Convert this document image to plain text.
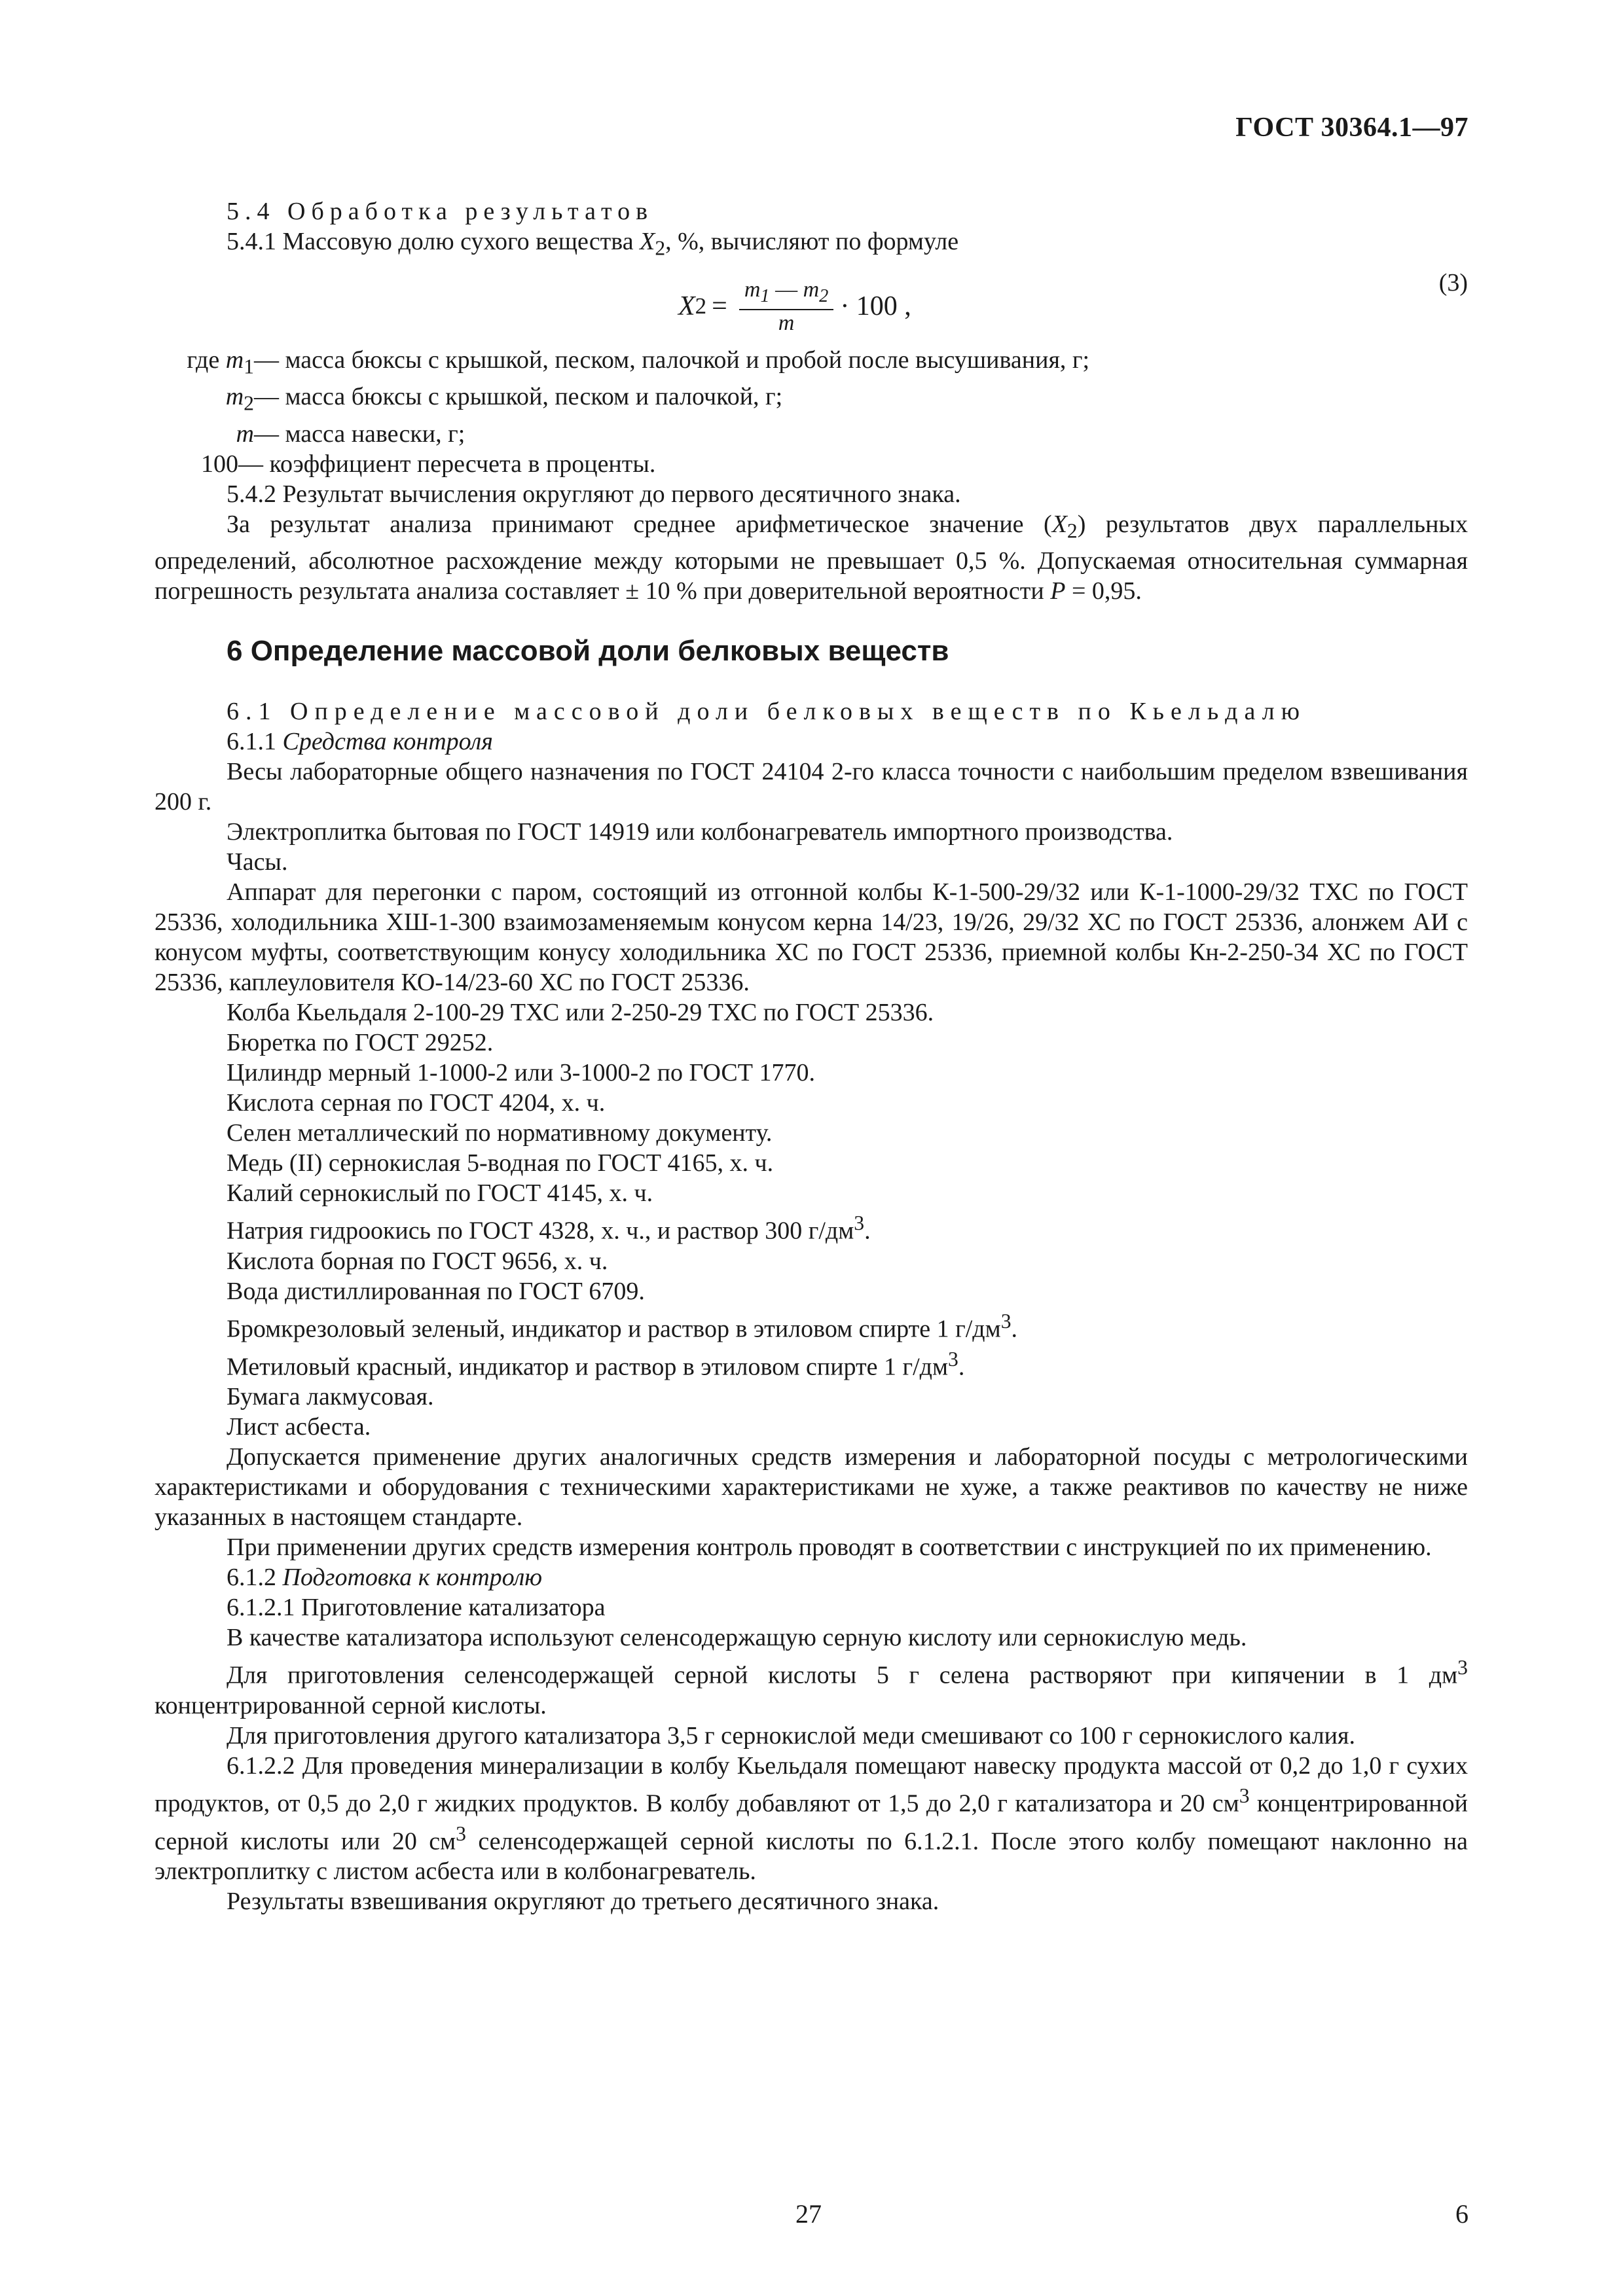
ГОСТ 30364.1—97

5.4 Обработка результатов

5.4.1 Массовую долю сухого вещества $X_2$, %, вычисляют по формуле

X $2 = \frac{m_1 — m_2}{m} \cdot 100$ ,
(3)
где $m_1$ — масса бюксы с крышкой, песком, палочкой и пробой после высушивания, г;
$m_2$ — масса бюксы с крышкой, песком и палочкой, г;
m — масса навески, г;
100 — коэффициент пересчета в проценты.

5.4.2 Результат вычисления округляют до первого десятичного знака.

За результат анализа принимают среднее арифметическое значение $(X_2)$ результатов двух параллельных определений, абсолютное расхождение между которыми не превышает 0,5 %. Допускаемая относительная суммарная погрешность результата анализа составляет ± 10 % при доверительной вероятности P = 0,95.

6 Определение массовой доли белковых веществ

6.1 Определение массовой доли белковых веществ по Кьельдалю

6.1.1 Средства контроля

Весы лабораторные общего назначения по ГОСТ 24104 2-го класса точности с наибольшим пределом взвешивания 200 г.

Электроплитка бытовая по ГОСТ 14919 или колбонагреватель импортного производства.

Часы.

Аппарат для перегонки с паром, состоящий из отгонной колбы К-1-500-29/32 или К-1-1000-29/32 ТХС по ГОСТ 25336, холодильника ХШ-1-300 взаимозаменяемым конусом керна 14/23, 19/26, 29/32 ХС по ГОСТ 25336, алонжем АИ с конусом муфты, соответствующим конусу холодильника ХС по ГОСТ 25336, приемной колбы Кн-2-250-34 ХС по ГОСТ 25336, каплеуловителя КО-14/23-60 ХС по ГОСТ 25336.

Колба Кьельдаля 2-100-29 ТХС или 2-250-29 ТХС по ГОСТ 25336.

Бюретка по ГОСТ 29252.

Цилиндр мерный 1-1000-2 или 3-1000-2 по ГОСТ 1770.

Кислота серная по ГОСТ 4204, х. ч.

Селен металлический по нормативному документу.

Медь (II) сернокислая 5-водная по ГОСТ 4165, х. ч.

Калий сернокислый по ГОСТ 4145, х. ч.

Натрия гидроокись по ГОСТ 4328, х. ч., и раствор 300 $г/дм^3$.

Кислота борная по ГОСТ 9656, х. ч.

Вода дистиллированная по ГОСТ 6709.

Бромкрезоловый зеленый, индикатор и раствор в этиловом спирте 1 $г/дм^3$.

Метиловый красный, индикатор и раствор в этиловом спирте 1 $г/дм^3$.

Бумага лакмусовая.

Лист асбеста.

Допускается применение других аналогичных средств измерения и лабораторной посуды с метрологическими характеристиками и оборудования с техническими характеристиками не хуже, а также реактивов по качеству не ниже указанных в настоящем стандарте.

При применении других средств измерения контроль проводят в соответствии с инструкцией по их применению.

6.1.2 Подготовка к контролю

6.1.2.1 Приготовление катализатора

В качестве катализатора используют селенсодержащую серную кислоту или сернокислую медь.

Для приготовления селенсодержащей серной кислоты 5 г селена растворяют при кипячении в 1 $дм^3$ концентрированной серной кислоты.

Для приготовления другого катализатора 3,5 г сернокислой меди смешивают со 100 г сернокислого калия.

6.1.2.2 Для проведения минерализации в колбу Кьельдаля помещают навеску продукта массой от 0,2 до 1,0 г сухих продуктов, от 0,5 до 2,0 г жидких продуктов. В колбу добавляют от 1,5 до 2,0 г катализатора и 20 $см^3$ концентрированной серной кислоты или 20 $см^3$ селенсодержащей серной кислоты по 6.1.2.1. После этого колбу помещают наклонно на электроплитку с листом асбеста или в колбонагреватель.

Результаты взвешивания округляют до третьего десятичного знака.

27	6
